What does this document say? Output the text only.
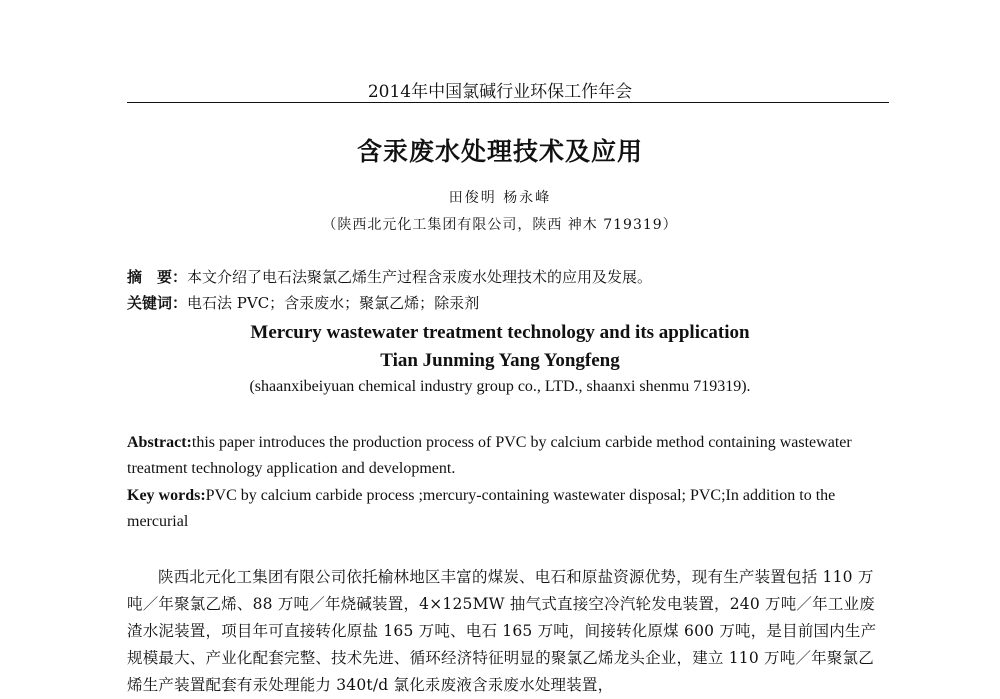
2014年中国氯碱行业环保工作年会
含汞废水处理技术及应用
田俊明 杨永峰
（陕西北元化工集团有限公司，陕西 神木 719319）
摘　要：本文介绍了电石法聚氯乙烯生产过程含汞废水处理技术的应用及发展。
关键词：电石法 PVC；含汞废水；聚氯乙烯；除汞剂
Mercury wastewater treatment technology and its application
Tian Junming Yang Yongfeng
(shaanxibeiyuan chemical industry group co., LTD., shaanxi shenmu 719319).
Abstract:this paper introduces the production process of PVC by calcium carbide method containing wastewater treatment technology application and development.
Key words:PVC by calcium carbide process ;mercury-containing wastewater disposal; PVC;In addition to the mercurial
陕西北元化工集团有限公司依托榆林地区丰富的煤炭、电石和原盐资源优势，现有生产装置包括 110 万吨／年聚氯乙烯、88 万吨／年烧碱装置，4×125MW 抽气式直接空冷汽轮发电装置，240 万吨／年工业废渣水泥装置，项目年可直接转化原盐 165 万吨、电石 165 万吨，间接转化原煤 600 万吨，是目前国内生产规模最大、产业化配套完整、技术先进、循环经济特征明显的聚氯乙烯龙头企业，建立 110 万吨／年聚氯乙烯生产装置配套有汞处理能力 340t/d 氯化汞废液含汞废水处理装置，
